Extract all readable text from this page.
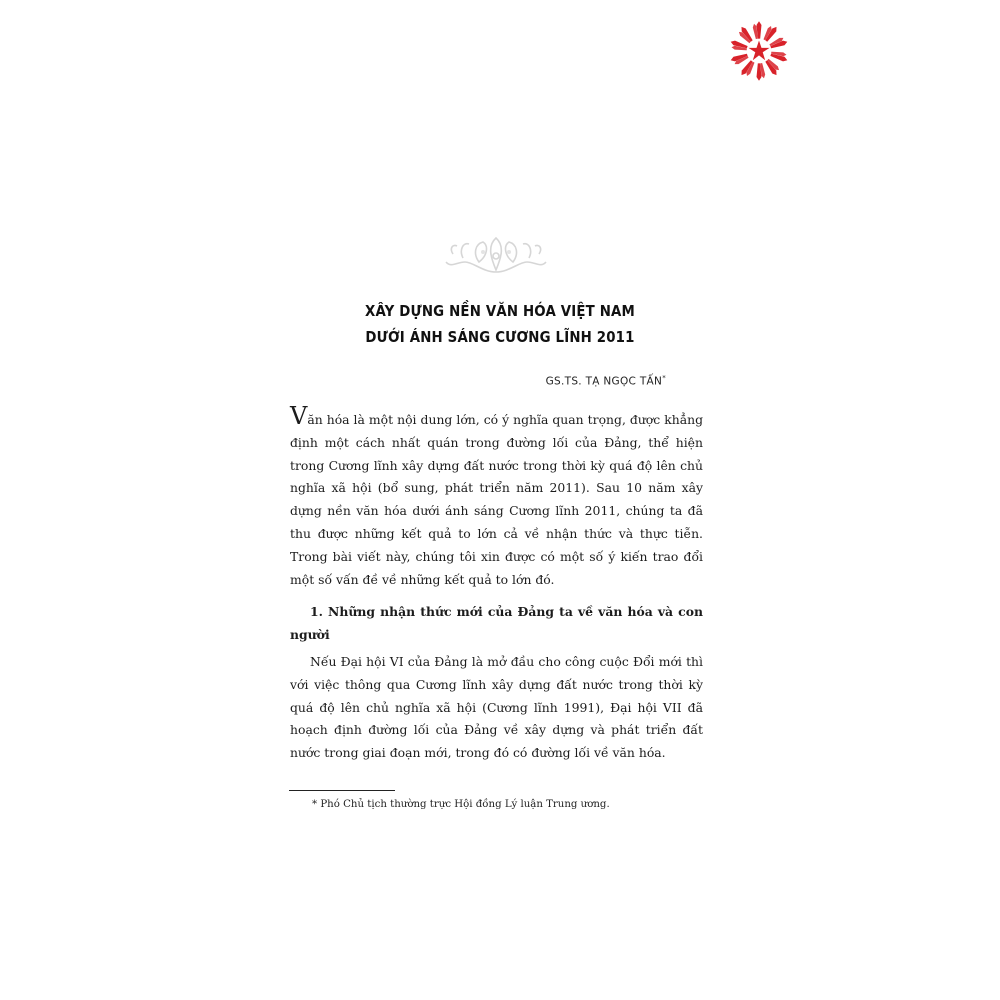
XÂY DỰNG NỀN VĂN HÓA VIỆT NAM
DƯỚI ÁNH SÁNG CƯƠNG LĨNH 2011
GS.TS. TẠ NGỌC TẤN*

Văn hóa là một nội dung lớn, có ý nghĩa quan trọng, được khẳng định một cách nhất quán trong đường lối của Đảng, thể hiện trong Cương lĩnh xây dựng đất nước trong thời kỳ quá độ lên chủ nghĩa xã hội (bổ sung, phát triển năm 2011). Sau 10 năm xây dựng nền văn hóa dưới ánh sáng Cương lĩnh 2011, chúng ta đã thu được những kết quả to lớn cả về nhận thức và thực tiễn. Trong bài viết này, chúng tôi xin được có một số ý kiến trao đổi một số vấn đề về những kết quả to lớn đó.

1. Những nhận thức mới của Đảng ta về văn hóa và con người

Nếu Đại hội VI của Đảng là mở đầu cho công cuộc Đổi mới thì với việc thông qua Cương lĩnh xây dựng đất nước trong thời kỳ quá độ lên chủ nghĩa xã hội (Cương lĩnh 1991), Đại hội VII đã hoạch định đường lối của Đảng về xây dựng và phát triển đất nước trong giai đoạn mới, trong đó có đường lối về văn hóa.

* Phó Chủ tịch thường trực Hội đồng Lý luận Trung ương.
